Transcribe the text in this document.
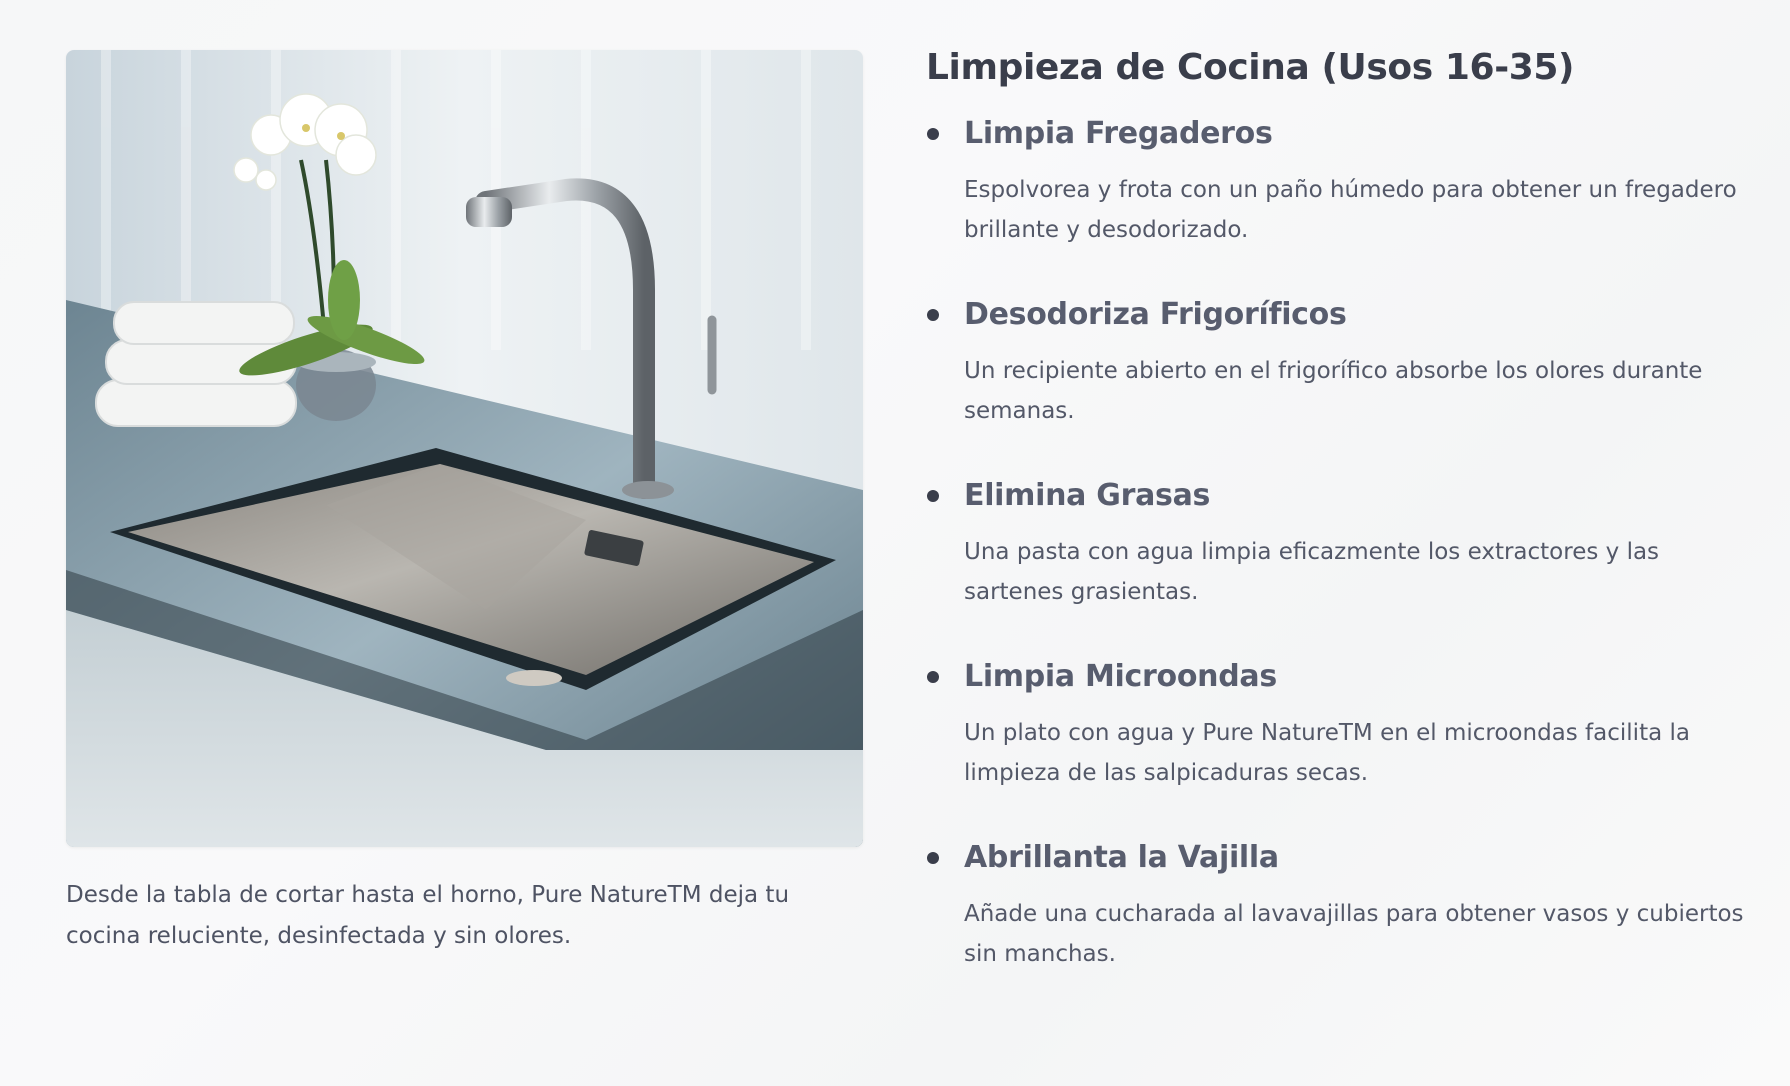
Desde la tabla de cortar hasta el horno, Pure NatureTM deja tu cocina reluciente, desinfectada y sin olores.
Limpieza de Cocina (Usos 16-35)
Limpia Fregaderos

Espolvorea y frota con un paño húmedo para obtener un fregadero brillante y desodorizado.

Desodoriza Frigoríficos

Un recipiente abierto en el frigorífico absorbe los olores durante semanas.

Elimina Grasas

Una pasta con agua limpia eficazmente los extractores y las sartenes grasientas.

Limpia Microondas

Un plato con agua y Pure NatureTM en el microondas facilita la limpieza de las salpicaduras secas.

Abrillanta la Vajilla

Añade una cucharada al lavavajillas para obtener vasos y cubiertos sin manchas.
